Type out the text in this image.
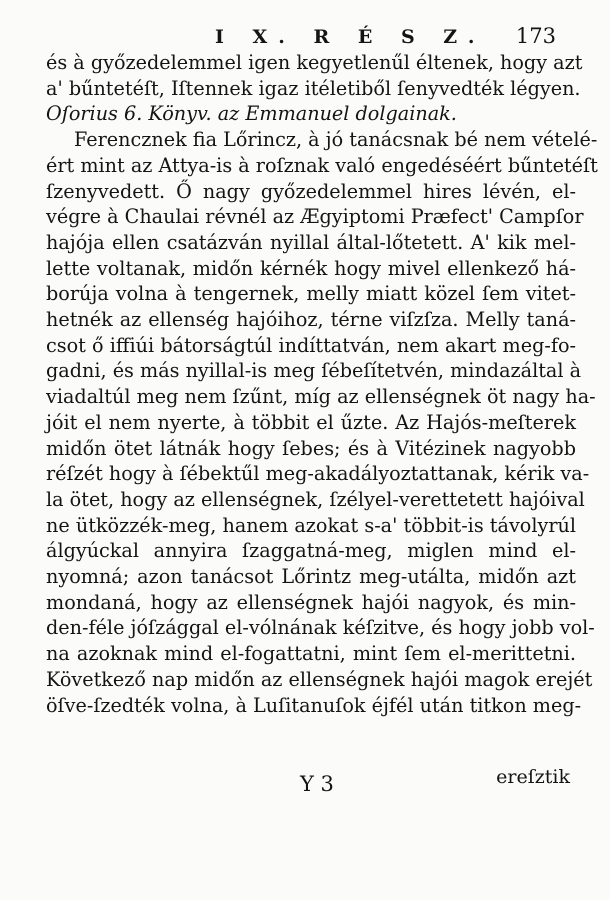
I X. R É S Z. 173
és à győzedelemmel igen kegyetlenűl éltenek, hogy azt
a' bűntetéſt, Iſtennek igaz itéletiből ſenyvedték légyen.
Oſorius 6. Könyv. az Emmanuel dolgainak.
Ferencznek fia Lőrincz, à jó tanácsnak bé nem vételé-
ért mint az Attya-is à roſznak való engedéséért bűntetéſt
ſzenyvedett. Ő nagy győzedelemmel hires lévén, el-
végre à Chaulai révnél az Ægyiptomi Præfect' Campſor
hajója ellen csatázván nyillal által-lőtetett. A' kik mel-
lette voltanak, midőn kérnék hogy mivel ellenkező há-
borúja volna à tengernek, melly miatt közel ſem vitet-
hetnék az ellenség hajóihoz, térne viſzſza. Melly taná-
csot ő iffiúi bátorságtúl indíttatván, nem akart meg-fo-
gadni, és más nyillal-is meg ſébeſítetvén, mindazáltal à
viadaltúl meg nem ſzűnt, míg az ellenségnek öt nagy ha-
jóit el nem nyerte, à többit el űzte. Az Hajós-meſterek
midőn ötet látnák hogy ſebes; és à Vitézinek nagyobb
réſzét hogy à ſébektűl meg-akadályoztattanak, kérik va-
la ötet, hogy az ellenségnek, ſzélyel-verettetett hajóival
ne ütközzék-meg, hanem azokat s-a' többit-is távolyrúl
álgyúckal annyira ſzaggatná-meg, miglen mind el-
nyomná; azon tanácsot Lőrintz meg-utálta, midőn azt
mondaná, hogy az ellenségnek hajói nagyok, és min-
den-féle jóſzággal el-vólnának kéſzitve, és hogy jobb vol-
na azoknak mind el-fogattatni, mint ſem el-merittetni.
Következő nap midőn az ellenségnek hajói magok erejét
öſve-ſzedték volna, à Luſitanuſok éjfél után titkon meg-
ereſztik
Y 3
